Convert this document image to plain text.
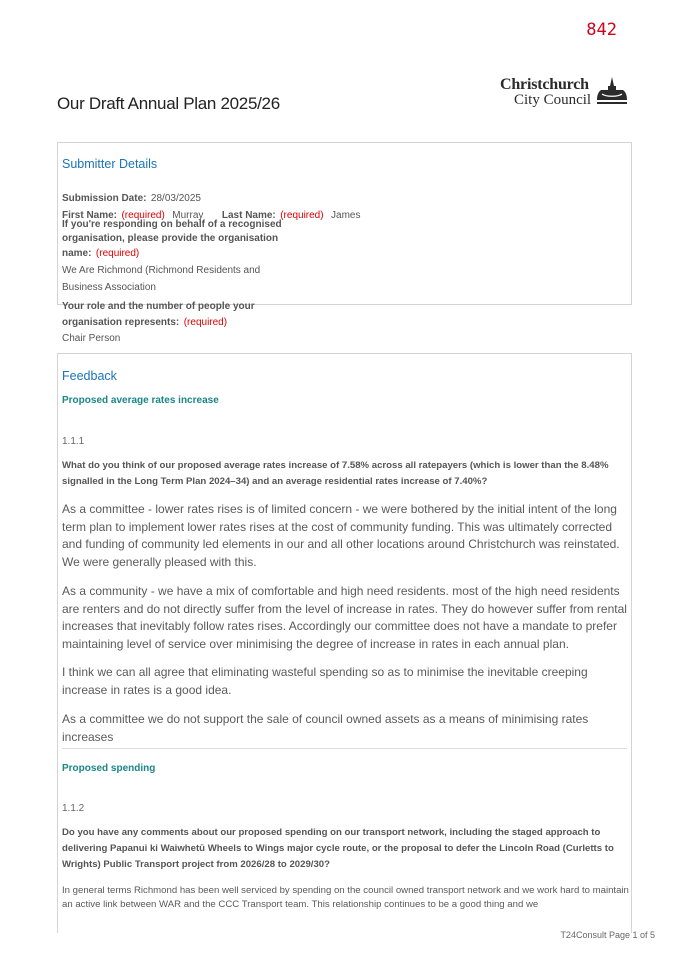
842
Christchurch
City Council
Our Draft Annual Plan 2025/26
Submitter Details
Submission Date: 28/03/2025
First Name: (required) Murray Last Name: (required) James
If you're responding on behalf of a recognised
organisation, please provide the organisation
name: (required)
We Are Richmond (Richmond Residents and
Business Association
Your role and the number of people your
organisation represents: (required)
Chair Person
Feedback
Proposed average rates increase
1.1.1
What do you think of our proposed average rates increase of 7.58% across all ratepayers (which is lower than the 8.48% signalled in the Long Term Plan 2024–34) and an average residential rates increase of 7.40%?
As a committee - lower rates rises is of limited concern - we were bothered by the initial intent of the long term plan to implement lower rates rises at the cost of community funding. This was ultimately corrected and funding of community led elements in our and all other locations around Christchurch was reinstated. We were generally pleased with this.
As a community - we have a mix of comfortable and high need residents. most of the high need residents are renters and do not directly suffer from the level of increase in rates. They do however suffer from rental increases that inevitably follow rates rises. Accordingly our committee does not have a mandate to prefer maintaining level of service over minimising the degree of increase in rates in each annual plan.
I think we can all agree that eliminating wasteful spending so as to minimise the inevitable creeping increase in rates is a good idea.
As a committee we do not support the sale of council owned assets as a means of minimising rates increases
Proposed spending
1.1.2
Do you have any comments about our proposed spending on our transport network, including the staged approach to delivering Papanui ki Waiwhetū Wheels to Wings major cycle route, or the proposal to defer the Lincoln Road (Curletts to Wrights) Public Transport project from 2026/28 to 2029/30?
In general terms Richmond has been well serviced by spending on the council owned transport network and we work hard to maintain an active link between WAR and the CCC Transport team. This relationship continues to be a good thing and we
T24Consult Page 1 of 5
